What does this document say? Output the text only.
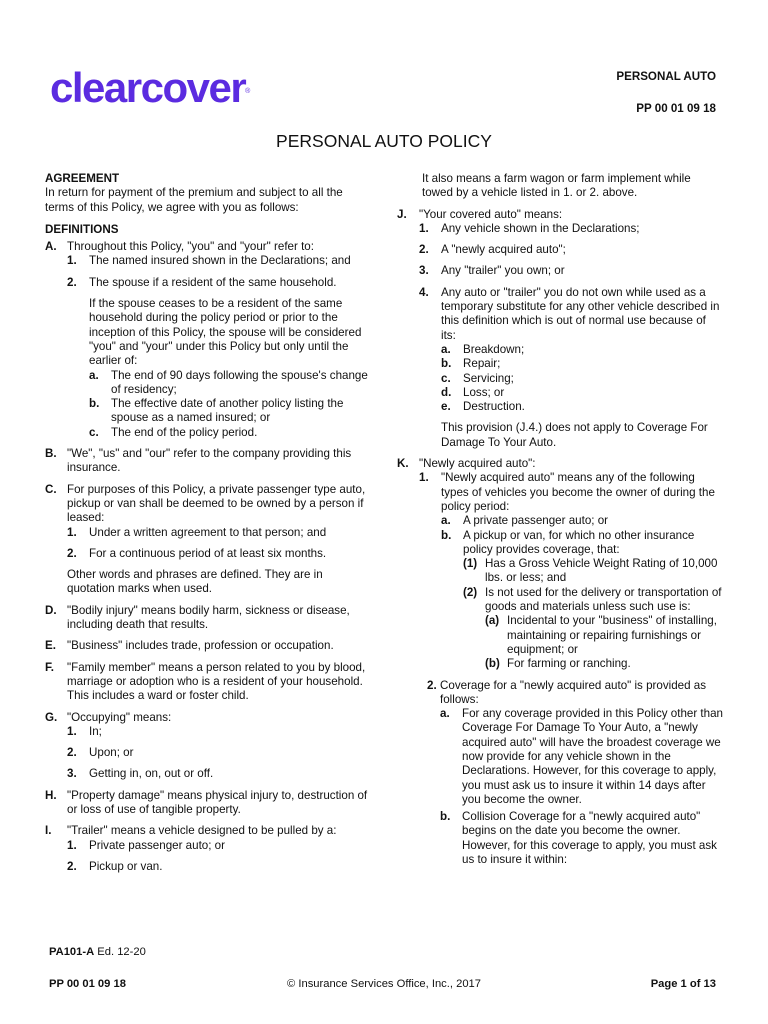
clearcover®
PERSONAL AUTO
PP 00 01 09 18
PERSONAL AUTO POLICY

AGREEMENT

In return for payment of the premium and subject to all the terms of this Policy, we agree with you as follows:

DEFINITIONS

A. Throughout this Policy, "you" and "your" refer to:

1.	The named insured shown in the Declarations; and

2.	The spouse if a resident of the same household.

If the spouse ceases to be a resident of the same household during the policy period or prior to the inception of this Policy, the spouse will be considered "you" and "your" under this Policy but only until the earlier of:

a.	The end of 90 days following the spouse's change of residency;

b.	The effective date of another policy listing the spouse as a named insured; or

c.	The end of the policy period.

B. "We", "us" and "our" refer to the company providing this insurance.

C. For purposes of this Policy, a private passenger type auto, pickup or van shall be deemed to be owned by a person if leased:

1.	Under a written agreement to that person; and

2.	For a continuous period of at least six months.

Other words and phrases are defined. They are in quotation marks when used.

D. "Bodily injury" means bodily harm, sickness or disease, including death that results.

E. "Business" includes trade, profession or occupation.

F.	"Family member" means a person related to you by blood, marriage or adoption who is a resident of your household. This includes a ward or foster child.

G. "Occupying" means:

1.	In;

2.	Upon; or

3.	Getting in, on, out or off.

H. "Property damage" means physical injury to, destruction of or loss of use of tangible property.

I.	"Trailer" means a vehicle designed to be pulled by a:

1.	Private passenger auto; or

2.	Pickup or van.

It also means a farm wagon or farm implement while towed by a vehicle listed in 1. or 2. above.

J.	"Your covered auto" means:

1.	Any vehicle shown in the Declarations;

2.	A "newly acquired auto";

3.	Any "trailer" you own; or

4.	Any auto or "trailer" you do not own while used as a temporary substitute for any other vehicle described in this definition which is out of normal use because of its:

a.	Breakdown;

b.	Repair;

c.	Servicing;

d.	Loss; or

e.	Destruction.

This provision (J.4.) does not apply to Coverage For Damage To Your Auto.

K. "Newly acquired auto":

1.	"Newly acquired auto" means any of the following types of vehicles you become the owner of during the policy period:

a.	A private passenger auto; or

b.	A pickup or van, for which no other insurance policy provides coverage, that:

(1) Has a Gross Vehicle Weight Rating of 10,000 lbs. or less; and

(2) Is not used for the delivery or transportation of goods and materials unless such use is:

(a) Incidental to your "business" of installing, maintaining or repairing furnishings or equipment; or

(b) For farming or ranching.

2. Coverage for a "newly acquired auto" is provided as follows:

a.	For any coverage provided in this Policy other than Coverage For Damage To Your Auto, a "newly acquired auto" will have the broadest coverage we now provide for any vehicle shown in the Declarations. However, for this coverage to apply, you must ask us to insure it within 14 days after you become the owner.

b.	Collision Coverage for a "newly acquired auto" begins on the date you become the owner. However, for this coverage to apply, you must ask us to insure it within:

PA101-A Ed. 12-20
PP 00 01 09 18	© Insurance Services Office, Inc., 2017	Page 1 of 13
